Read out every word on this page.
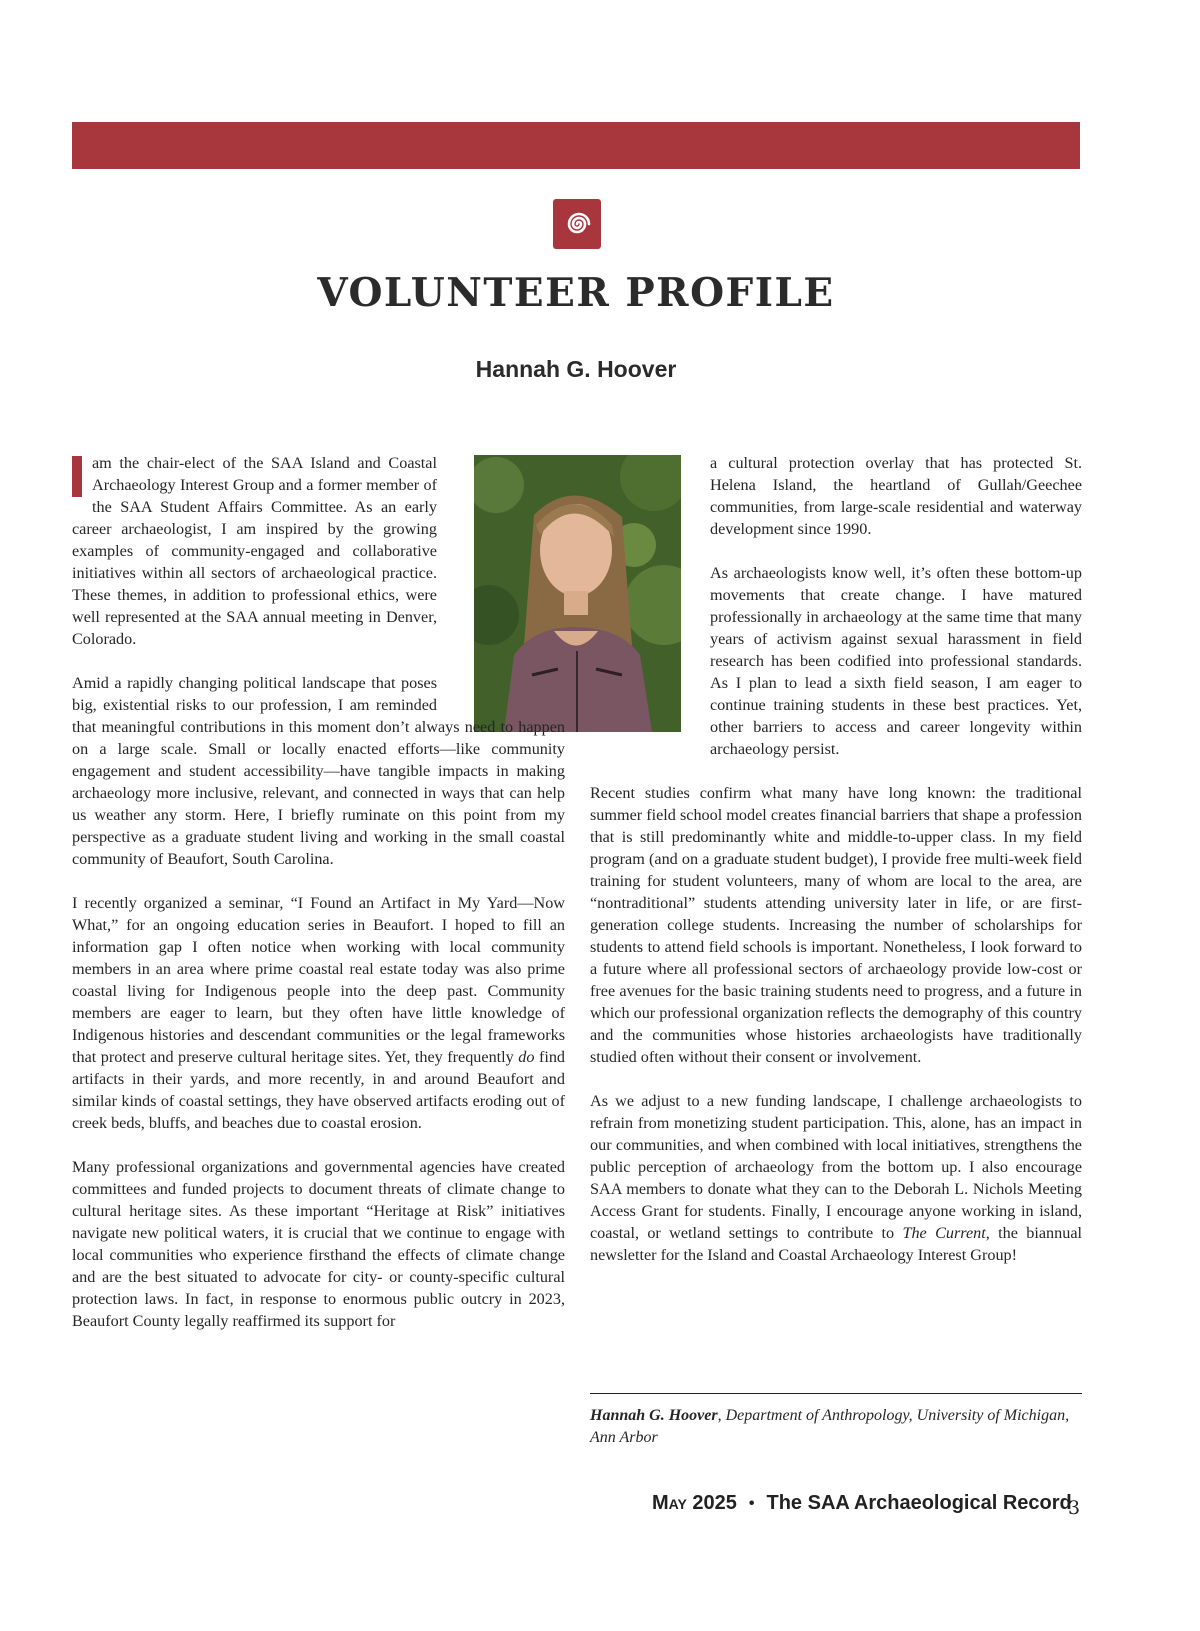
VOLUNTEER PROFILE
Hannah G. Hoover

am the chair-elect of the SAA Island and Coastal Archaeology Interest Group and a former member of the SAA Student Affairs Committee. As an early career archaeologist, I am inspired by the growing examples of community-engaged and collaborative initiatives within all sectors of archaeological practice. These themes, in addition to professional ethics, were well represented at the SAA annual meeting in Denver, Colorado.

Amid a rapidly changing political landscape that poses big, existential risks to our profession, I am reminded that meaningful contributions in this moment don’t always need to happen on a large scale. Small or locally enacted efforts—like community engagement and student accessibility—have tangible impacts in making archaeology more inclusive, relevant, and connected in ways that can help us weather any storm. Here, I briefly ruminate on this point from my perspective as a graduate student living and working in the small coastal community of Beaufort, South Carolina.

I recently organized a seminar, “I Found an Artifact in My Yard—Now What,” for an ongoing education series in Beaufort. I hoped to fill an information gap I often notice when working with local community members in an area where prime coastal real estate today was also prime coastal living for Indigenous people into the deep past. Community members are eager to learn, but they often have little knowledge of Indigenous histories and descendant communities or the legal frameworks that protect and preserve cultural heritage sites. Yet, they frequently do find artifacts in their yards, and more recently, in and around Beaufort and similar kinds of coastal settings, they have observed artifacts eroding out of creek beds, bluffs, and beaches due to coastal erosion.

Many professional organizations and governmental agencies have created committees and funded projects to document threats of climate change to cultural heritage sites. As these important “Heritage at Risk” initiatives navigate new political waters, it is crucial that we continue to engage with local communities who experience firsthand the effects of climate change and are the best situated to advocate for city- or county-specific cultural protection laws. In fact, in response to enormous public outcry in 2023, Beaufort County legally reaffirmed its support for

a cultural protection overlay that has protected St. Helena Island, the heartland of Gullah/Geechee communities, from large-scale residential and waterway development since 1990.

As archaeologists know well, it’s often these bottom-up movements that create change. I have matured professionally in archaeology at the same time that many years of activism against sexual harassment in field research has been codified into professional standards. As I plan to lead a sixth field season, I am eager to continue training students in these best practices. Yet, other barriers to access and career longevity within archaeology persist.

Recent studies confirm what many have long known: the traditional summer field school model creates financial barriers that shape a profession that is still predominantly white and middle-to-upper class. In my field program (and on a graduate student budget), I provide free multi-week field training for student volunteers, many of whom are local to the area, are “nontraditional” students attending university later in life, or are first-generation college students. Increasing the number of scholarships for students to attend field schools is important. Nonetheless, I look forward to a future where all professional sectors of archaeology provide low-cost or free avenues for the basic training students need to progress, and a future in which our professional organization reflects the demography of this country and the communities whose histories archaeologists have traditionally studied often without their consent or involvement.

As we adjust to a new funding landscape, I challenge archaeologists to refrain from monetizing student participation. This, alone, has an impact in our communities, and when combined with local initiatives, strengthens the public perception of archaeology from the bottom up. I also encourage SAA members to donate what they can to the Deborah L. Nichols Meeting Access Grant for students. Finally, I encourage anyone working in island, coastal, or wetland settings to contribute to The Current, the biannual newsletter for the Island and Coastal Archaeology Interest Group!

Hannah G. Hoover, Department of Anthropology, University of Michigan, Ann Arbor
May 2025 • The SAA Archaeological Record
3
